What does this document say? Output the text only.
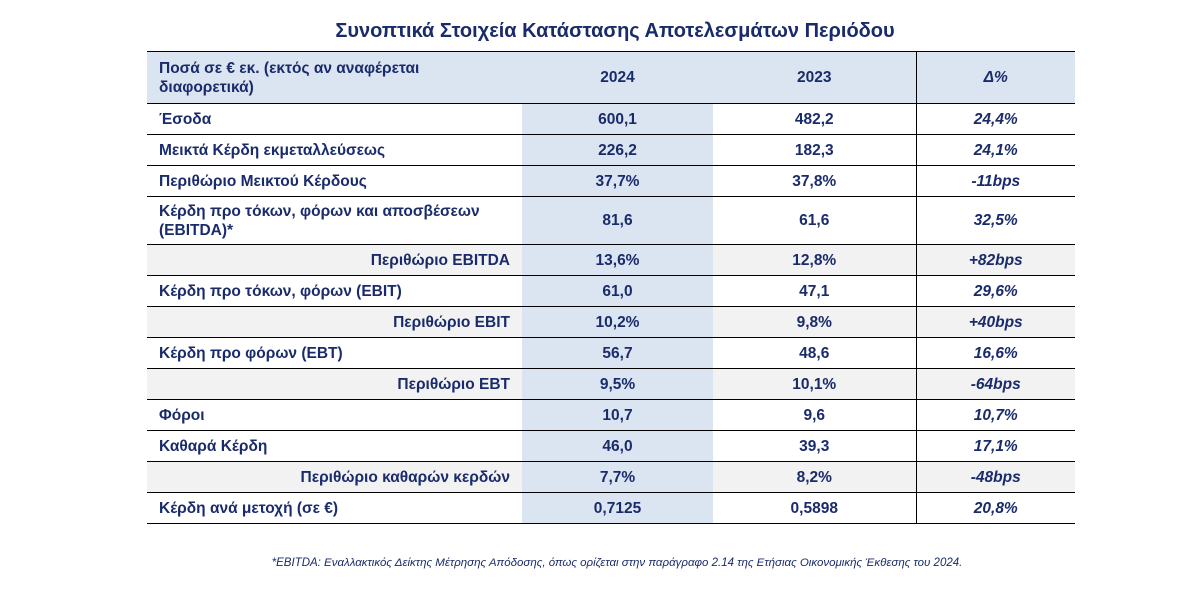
Συνοπτικά Στοιχεία Κατάστασης Αποτελεσμάτων Περιόδου
Ποσά σε € εκ. (εκτός αν αναφέρεται διαφορετικά)	2024	2023	Δ%
Έσοδα	600,1	482,2	24,4%
Μεικτά Κέρδη εκμεταλλεύσεως	226,2	182,3	24,1%
Περιθώριο Μεικτού Κέρδους	37,7%	37,8%	-11bps
Κέρδη προ τόκων, φόρων και αποσβέσεων (EBITDA)*	81,6	61,6	32,5%
Περιθώριο EBITDA	13,6%	12,8%	+82bps
Κέρδη προ τόκων, φόρων (EBIT)	61,0	47,1	29,6%
Περιθώριο EBIT	10,2%	9,8%	+40bps
Κέρδη προ φόρων (EBT)	56,7	48,6	16,6%
Περιθώριο EBT	9,5%	10,1%	-64bps
Φόροι	10,7	9,6	10,7%
Καθαρά Κέρδη	46,0	39,3	17,1%
Περιθώριο καθαρών κερδών	7,7%	8,2%	-48bps
Κέρδη ανά μετοχή (σε €)	0,7125	0,5898	20,8%
*EBITDA: Εναλλακτικός Δείκτης Μέτρησης Απόδοσης, όπως ορίζεται στην παράγραφο 2.14 της Ετήσιας Οικονομικής Έκθεσης του 2024.
